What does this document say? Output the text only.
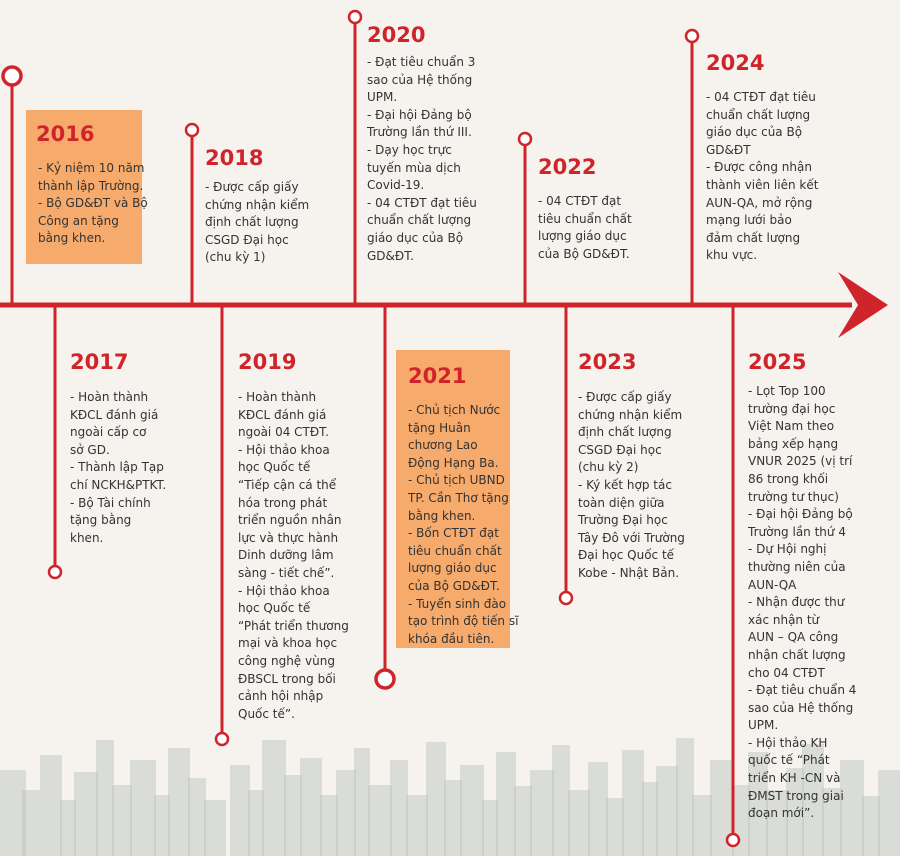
2016
- Kỷ niệm 10 năm
thành lập Trường.
- Bộ GD&ĐT và Bộ
Công an tặng
bằng khen.
2017
- Hoàn thành
KĐCL đánh giá
ngoài cấp cơ
sở GD.
- Thành lập Tạp
chí NCKH&PTKT.
- Bộ Tài chính
tặng bằng
khen.
2018
- Được cấp giấy
chứng nhận kiểm
định chất lượng
CSGD Đại học
(chu kỳ 1)
2019
- Hoàn thành
KĐCL đánh giá
ngoài 04 CTĐT.
- Hội thảo khoa
học Quốc tế
“Tiếp cận cá thể
hóa trong phát
triển nguồn nhân
lực và thực hành
Dinh dưỡng lâm
sàng - tiết chế”.
- Hội thảo khoa
học Quốc tế
“Phát triển thương
mại và khoa học
công nghệ vùng
ĐBSCL trong bối
cảnh hội nhập
Quốc tế”.
2020
- Đạt tiêu chuẩn 3
sao của Hệ thống
UPM.
- Đại hội Đảng bộ
Trường lần thứ III.
- Dạy học trực
tuyến mùa dịch
Covid-19.
- 04 CTĐT đạt tiêu
chuẩn chất lượng
giáo dục của Bộ
GD&ĐT.
2021
- Chủ tịch Nước
tặng Huân
chương Lao
Động Hạng Ba.
- Chủ tịch UBND
TP. Cần Thơ tặng
bằng khen.
- Bốn CTĐT đạt
tiêu chuẩn chất
lượng giáo dục
của Bộ GD&ĐT.
- Tuyển sinh đào
tạo trình độ tiến sĩ
khóa đầu tiên.
2022
- 04 CTĐT đạt
tiêu chuẩn chất
lượng giáo dục
của Bộ GD&ĐT.
2023
- Được cấp giấy
chứng nhận kiểm
định chất lượng
CSGD Đại học
(chu kỳ 2)
- Ký kết hợp tác
toàn diện giữa
Trường Đại học
Tây Đô với Trường
Đại học Quốc tế
Kobe - Nhật Bản.
2024
- 04 CTĐT đạt tiêu
chuẩn chất lượng
giáo dục của Bộ
GD&ĐT
- Được công nhận
thành viên liên kết
AUN-QA, mở rộng
mạng lưới bảo
đảm chất lượng
khu vực.
2025
- Lọt Top 100
trường đại học
Việt Nam theo
bảng xếp hạng
VNUR 2025 (vị trí
86 trong khối
trường tư thục)
- Đại hội Đảng bộ
Trường lần thứ 4
- Dự Hội nghị
thường niên của
AUN-QA
- Nhận được thư
xác nhận từ
AUN – QA công
nhận chất lượng
cho 04 CTĐT
- Đạt tiêu chuẩn 4
sao của Hệ thống
UPM.
- Hội thảo KH
quốc tế “Phát
triển KH -CN và
ĐMST trong giai
đoạn mới”.
